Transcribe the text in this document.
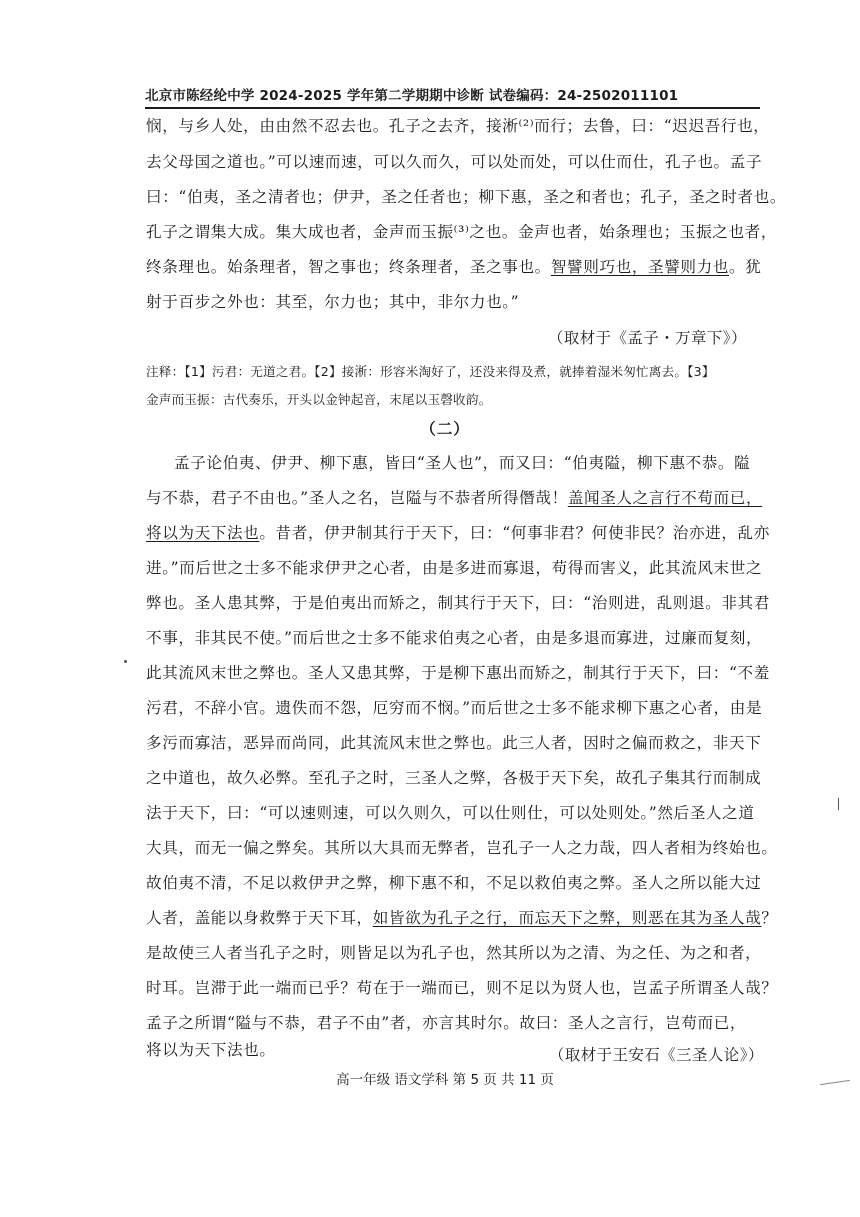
北京市陈经纶中学 2024-2025 学年第二学期期中诊断 试卷编码：24-2502011101
悯，与乡人处，由由然不忍去也。孔子之去齐，接淅⁽²⁾而行；去鲁，曰：“迟迟吾行也，
去父母国之道也。”可以速而速，可以久而久，可以处而处，可以仕而仕，孔子也。孟子
曰：“伯夷，圣之清者也；伊尹，圣之任者也；柳下惠，圣之和者也；孔子，圣之时者也。
孔子之谓集大成。集大成也者，金声而玉振⁽³⁾之也。金声也者，始条理也；玉振之也者，
终条理也。始条理者，智之事也；终条理者，圣之事也。智譬则巧也，圣譬则力也。犹
射于百步之外也：其至，尔力也；其中，非尔力也。”
（取材于《孟子・万章下》）
注释：【1】污君：无道之君。【2】接淅：形容米淘好了，还没来得及煮，就捧着湿米匆忙离去。【3】
金声而玉振：古代奏乐，开头以金钟起音，末尾以玉磬收韵。
（二）
孟子论伯夷、伊尹、柳下惠，皆曰“圣人也”，而又曰：“伯夷隘，柳下惠不恭。隘
与不恭，君子不由也。”圣人之名，岂隘与不恭者所得僭哉！盖闻圣人之言行不苟而已，
将以为天下法也。昔者，伊尹制其行于天下，曰：“何事非君？何使非民？治亦进，乱亦
进。”而后世之士多不能求伊尹之心者，由是多进而寡退，苟得而害义，此其流风末世之
弊也。圣人患其弊，于是伯夷出而矫之，制其行于天下，曰：“治则进，乱则退。非其君
不事，非其民不使。”而后世之士多不能求伯夷之心者，由是多退而寡进，过廉而复刻，
此其流风末世之弊也。圣人又患其弊，于是柳下惠出而矫之，制其行于天下，曰：“不羞
污君，不辞小官。遗佚而不怨，厄穷而不悯。”而后世之士多不能求柳下惠之心者，由是
多污而寡洁，恶异而尚同，此其流风末世之弊也。此三人者，因时之偏而救之，非天下
之中道也，故久必弊。至孔子之时，三圣人之弊，各极于天下矣，故孔子集其行而制成
法于天下，曰：“可以速则速，可以久则久，可以仕则仕，可以处则处。”然后圣人之道
大具，而无一偏之弊矣。其所以大具而无弊者，岂孔子一人之力哉，四人者相为终始也。
故伯夷不清，不足以救伊尹之弊，柳下惠不和，不足以救伯夷之弊。圣人之所以能大过
人者，盖能以身救弊于天下耳，如皆欲为孔子之行，而忘天下之弊，则恶在其为圣人哉？
是故使三人者当孔子之时，则皆足以为孔子也，然其所以为之清、为之任、为之和者，
时耳。岂滞于此一端而已乎？苟在于一端而已，则不足以为贤人也，岂孟子所谓圣人哉？
孟子之所谓“隘与不恭，君子不由”者，亦言其时尔。故曰：圣人之言行，岂苟而已，
将以为天下法也。	（取材于王安石《三圣人论》）
高一年级 语文学科 第 5 页 共 11 页
